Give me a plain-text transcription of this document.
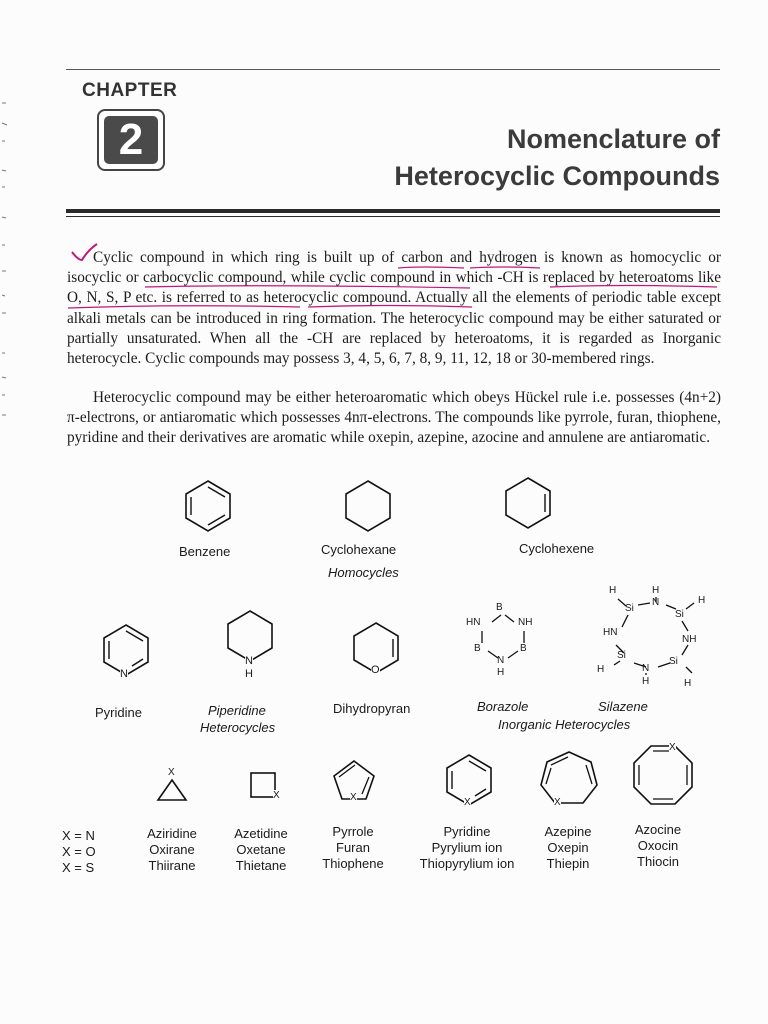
CHAPTER
2	Nomenclature of
Heterocyclic Compounds
Cyclic compound in which ring is built up of carbon and hydrogen is known as homocyclic or isocyclic or carbocyclic compound, while cyclic compound in which -CH is replaced by heteroatoms like O, N, S, P etc. is referred to as heterocyclic compound. Actually all the elements of periodic table except alkali metals can be introduced in ring formation. The heterocyclic compound may be either saturated or partially unsaturated. When all the -CH are replaced by heteroatoms, it is regarded as Inorganic heterocycle. Cyclic compounds may possess 3, 4, 5, 6, 7, 8, 9, 11, 12, 18 or 30-membered rings.
Heterocyclic compound may be either heteroaromatic which obeys Hückel rule i.e. possesses (4n+2) π-electrons, or antiaromatic which possesses 4nπ-electrons. The compounds like pyrrole, furan, thiophene, pyridine and their derivatives are aromatic while oxepin, azepine, azocine and annulene are antiaromatic.
Benzene	Cyclohexane
Homocycles
Cyclohexene
N
Pyridine
N
H
Piperidine
Heterocycles
O
Dihydropyran
B
HN	NH
B	B
N
H
Borazole
H	H
Si
N
Si
H
HN
NH
Si
H	N
Si
H	H
Silazene
Inorganic Heterocycles
X = N
X = O
X = S
X
Aziridine
Oxirane
Thiirane
X
Azetidine
Oxetane
Thietane
X
Pyrrole
Furan
Thiophene
X
Pyridine
Pyrylium ion
Thiopyrylium ion
X
Azepine
Oxepin
Thiepin
X
Azocine
Oxocin
Thiocin
